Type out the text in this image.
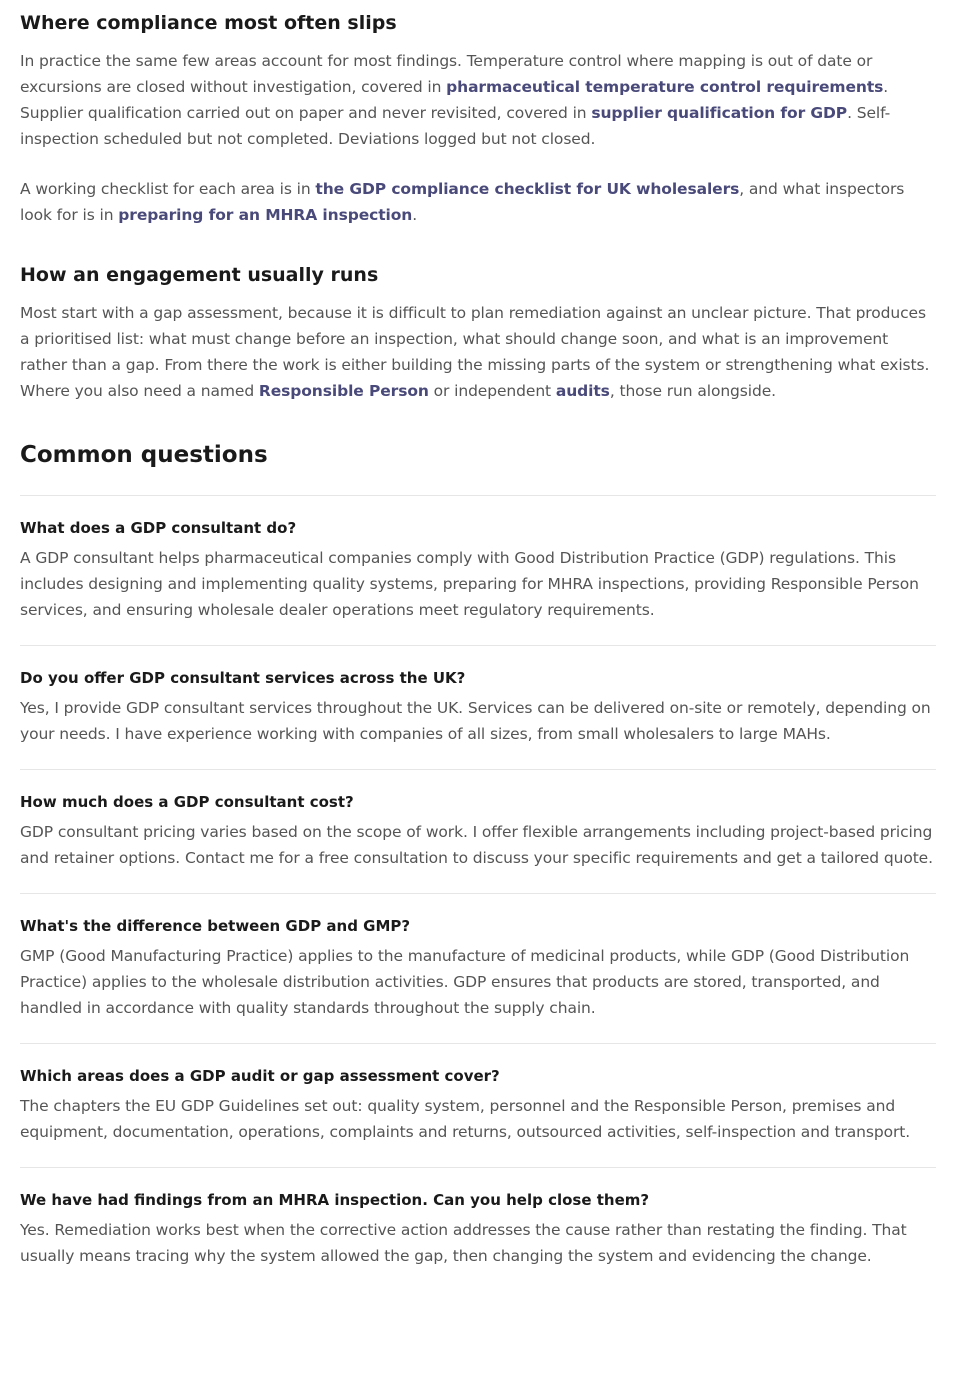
Where compliance most often slips

In practice the same few areas account for most findings. Temperature control where mapping is out of date or excursions are closed without investigation, covered in pharmaceutical temperature control requirements. Supplier qualification carried out on paper and never revisited, covered in supplier qualification for GDP. Self-inspection scheduled but not completed. Deviations logged but not closed.

A working checklist for each area is in the GDP compliance checklist for UK wholesalers, and what inspectors look for is in preparing for an MHRA inspection.

How an engagement usually runs

Most start with a gap assessment, because it is difficult to plan remediation against an unclear picture. That produces a prioritised list: what must change before an inspection, what should change soon, and what is an improvement rather than a gap. From there the work is either building the missing parts of the system or strengthening what exists. Where you also need a named Responsible Person or independent audits, those run alongside.

Common questions
What does a GDP consultant do?

A GDP consultant helps pharmaceutical companies comply with Good Distribution Practice (GDP) regulations. This includes designing and implementing quality systems, preparing for MHRA inspections, providing Responsible Person services, and ensuring wholesale dealer operations meet regulatory requirements.

Do you offer GDP consultant services across the UK?

Yes, I provide GDP consultant services throughout the UK. Services can be delivered on-site or remotely, depending on your needs. I have experience working with companies of all sizes, from small wholesalers to large MAHs.

How much does a GDP consultant cost?

GDP consultant pricing varies based on the scope of work. I offer flexible arrangements including project-based pricing and retainer options. Contact me for a free consultation to discuss your specific requirements and get a tailored quote.

What's the difference between GDP and GMP?

GMP (Good Manufacturing Practice) applies to the manufacture of medicinal products, while GDP (Good Distribution Practice) applies to the wholesale distribution activities. GDP ensures that products are stored, transported, and handled in accordance with quality standards throughout the supply chain.

Which areas does a GDP audit or gap assessment cover?

The chapters the EU GDP Guidelines set out: quality system, personnel and the Responsible Person, premises and equipment, documentation, operations, complaints and returns, outsourced activities, self-inspection and transport.

We have had findings from an MHRA inspection. Can you help close them?

Yes. Remediation works best when the corrective action addresses the cause rather than restating the finding. That usually means tracing why the system allowed the gap, then changing the system and evidencing the change.
